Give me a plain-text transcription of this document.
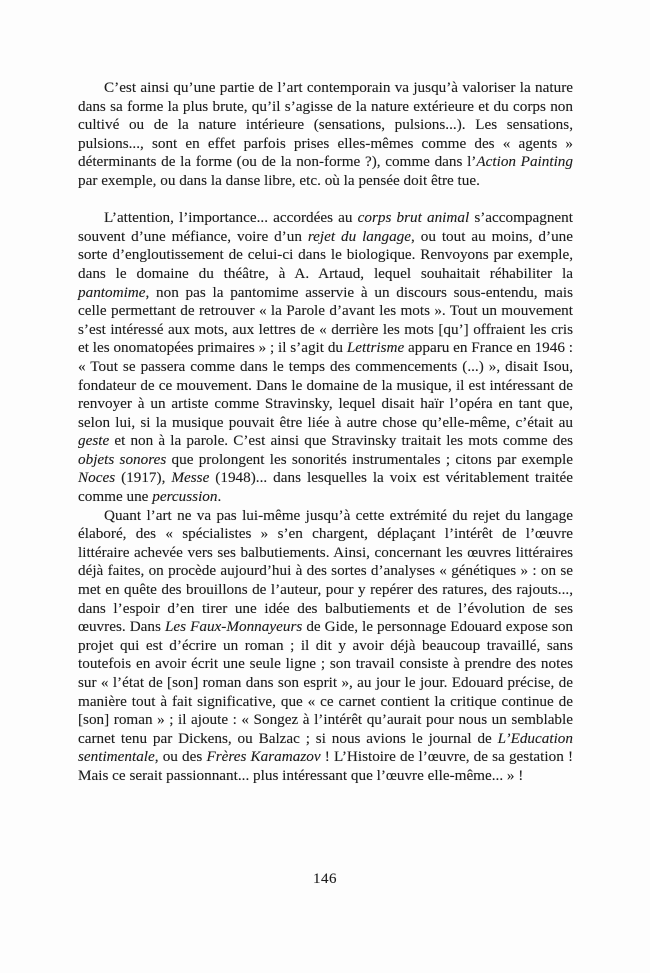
C’est ainsi qu’une partie de l’art contemporain va jusqu’à valoriser la nature dans sa forme la plus brute, qu’il s’agisse de la nature extérieure et du corps non cultivé ou de la nature intérieure (sensations, pulsions...). Les sensations, pulsions..., sont en effet parfois prises elles-mêmes comme des « agents » déterminants de la forme (ou de la non-forme ?), comme dans l’Action Painting par exemple, ou dans la danse libre, etc. où la pensée doit être tue.

L’attention, l’importance... accordées au corps brut animal s’accompagnent souvent d’une méfiance, voire d’un rejet du langage, ou tout au moins, d’une sorte d’engloutissement de celui-ci dans le biologique. Renvoyons par exemple, dans le domaine du théâtre, à A. Artaud, lequel souhaitait réhabiliter la pantomime, non pas la pantomime asservie à un discours sous-entendu, mais celle permettant de retrouver « la Parole d’avant les mots ». Tout un mouvement s’est intéressé aux mots, aux lettres de « derrière les mots [qu’] offraient les cris et les onomatopées primaires » ; il s’agit du Lettrisme apparu en France en 1946 : « Tout se passera comme dans le temps des commencements (...) », disait Isou, fondateur de ce mouvement. Dans le domaine de la musique, il est intéressant de renvoyer à un artiste comme Stravinsky, lequel disait haïr l’opéra en tant que, selon lui, si la musique pouvait être liée à autre chose qu’elle-même, c’était au geste et non à la parole. C’est ainsi que Stravinsky traitait les mots comme des objets sonores que prolongent les sonorités instrumentales ; citons par exemple Noces (1917), Messe (1948)... dans lesquelles la voix est véritablement traitée comme une percussion.

Quant l’art ne va pas lui-même jusqu’à cette extrémité du rejet du langage élaboré, des « spécialistes » s’en chargent, déplaçant l’intérêt de l’œuvre littéraire achevée vers ses balbutiements. Ainsi, concernant les œuvres littéraires déjà faites, on procède aujourd’hui à des sortes d’analyses « génétiques » : on se met en quête des brouillons de l’auteur, pour y repérer des ratures, des rajouts..., dans l’espoir d’en tirer une idée des balbutiements et de l’évolution de ses œuvres. Dans Les Faux-Monnayeurs de Gide, le personnage Edouard expose son projet qui est d’écrire un roman ; il dit y avoir déjà beaucoup travaillé, sans toutefois en avoir écrit une seule ligne ; son travail consiste à prendre des notes sur « l’état de [son] roman dans son esprit », au jour le jour. Edouard précise, de manière tout à fait significative, que « ce carnet contient la critique continue de [son] roman » ; il ajoute : « Songez à l’intérêt qu’aurait pour nous un semblable carnet tenu par Dickens, ou Balzac ; si nous avions le journal de L’Education sentimentale, ou des Frères Karamazov ! L’Histoire de l’œuvre, de sa gestation ! Mais ce serait passionnant... plus intéressant que l’œuvre elle-même... » !

146
